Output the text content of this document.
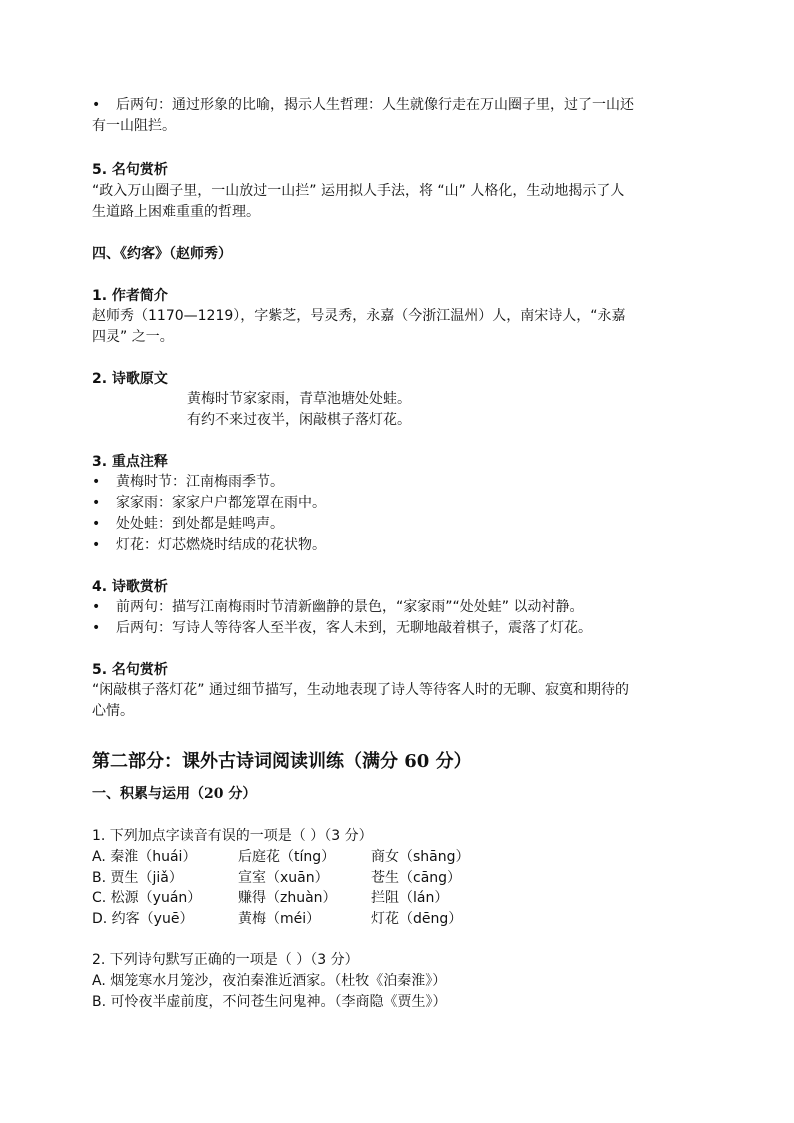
• 后两句：通过形象的比喻，揭示人生哲理：人生就像行走在万山圈子里，过了一山还

有一山阻拦。

5. 名句赏析

“政入万山圈子里，一山放过一山拦” 运用拟人手法，将 “山” 人格化，生动地揭示了人

生道路上困难重重的哲理。

四、《约客》（赵师秀）

1. 作者简介

赵师秀（1170—1219），字紫芝，号灵秀，永嘉（今浙江温州）人，南宋诗人，“永嘉

四灵” 之一。

2. 诗歌原文

黄梅时节家家雨，青草池塘处处蛙。

有约不来过夜半，闲敲棋子落灯花。

3. 重点注释

• 黄梅时节：江南梅雨季节。

• 家家雨：家家户户都笼罩在雨中。

• 处处蛙：到处都是蛙鸣声。

• 灯花：灯芯燃烧时结成的花状物。

4. 诗歌赏析

• 前两句：描写江南梅雨时节清新幽静的景色，“家家雨”“处处蛙” 以动衬静。

• 后两句：写诗人等待客人至半夜，客人未到，无聊地敲着棋子，震落了灯花。

5. 名句赏析

“闲敲棋子落灯花” 通过细节描写，生动地表现了诗人等待客人时的无聊、寂寞和期待的

心情。

第二部分：课外古诗词阅读训练（满分 60 分）

一、积累与运用（20 分）

1. 下列加点字读音有误的一项是（ ）（3 分）

A. 秦淮（huái）	后庭花（tíng）	商女（shāng）

B. 贾生（jiǎ）	宣室（xuān）	苍生（cāng）

C. 松源（yuán）	赚得（zhuàn） 拦阻（lán）

D. 约客（yuē）	黄梅（méi）	灯花（dēng）

2. 下列诗句默写正确的一项是（ ）（3 分）

A. 烟笼寒水月笼沙，夜泊秦淮近酒家。（杜牧《泊秦淮》）

B. 可怜夜半虚前度，不问苍生问鬼神。（李商隐《贾生》）
